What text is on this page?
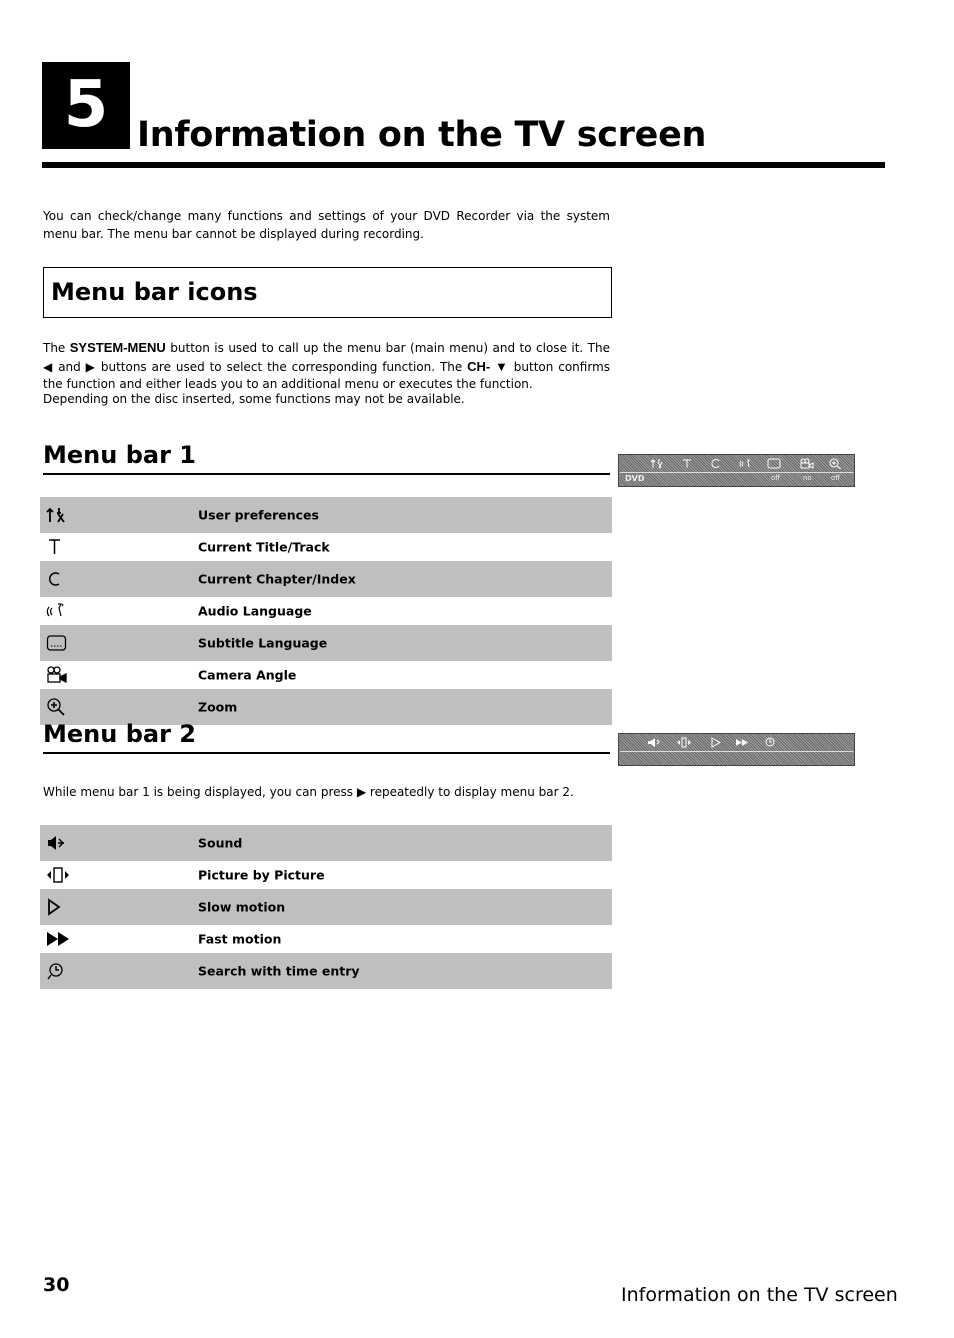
5 Information on the TV screen

You can check/change many functions and settings of your DVD Recorder via the system menu bar. The menu bar cannot be displayed during recording.

Menu bar icons

The SYSTEM-MENU button is used to call up the menu bar (main menu) and to close it. The ◀ and ▶ buttons are used to select the corresponding function. The CH- ▼ button confirms the function and either leads you to an additional menu or executes the function.

Depending on the disc inserted, some functions may not be available.

Menu bar 1
DVD	off	no	off
User preferences
Current Title/Track
Current Chapter/Index
Audio Language
Subtitle Language
Camera Angle
Zoom
Menu bar 2

While menu bar 1 is being displayed, you can press ▶ repeatedly to display menu bar 2.

Sound
Picture by Picture
Slow motion
Fast motion
Search with time entry
30	Information on the TV screen
